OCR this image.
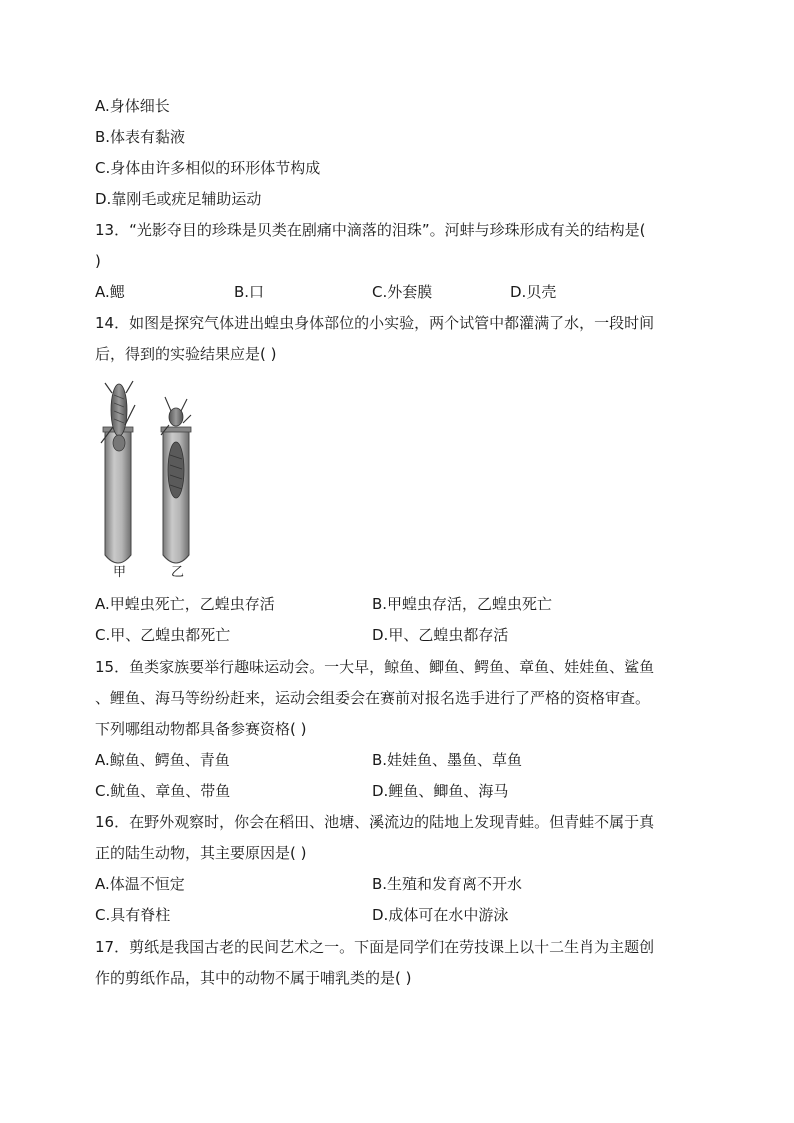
A.身体细长
B.体表有黏液
C.身体由许多相似的环形体节构成
D.靠刚毛或疣足辅助运动
13．“光影夺目的珍珠是贝类在剧痛中滴落的泪珠”。河蚌与珍珠形成有关的结构是(
)
A.鳃	B.口	C.外套膜	D.贝壳
14．如图是探究气体进出蝗虫身体部位的小实验，两个试管中都灌满了水，一段时间
后，得到的实验结果应是( )
甲	乙
A.甲蝗虫死亡，乙蝗虫存活	B.甲蝗虫存活，乙蝗虫死亡
C.甲、乙蝗虫都死亡	D.甲、乙蝗虫都存活
15．鱼类家族要举行趣味运动会。一大早，鲸鱼、鲫鱼、鳄鱼、章鱼、娃娃鱼、鲨鱼
、鲤鱼、海马等纷纷赶来，运动会组委会在赛前对报名选手进行了严格的资格审查。
下列哪组动物都具备参赛资格( )
A.鲸鱼、鳄鱼、青鱼	B.娃娃鱼、墨鱼、草鱼
C.鱿鱼、章鱼、带鱼	D.鲤鱼、鲫鱼、海马
16．在野外观察时，你会在稻田、池塘、溪流边的陆地上发现青蛙。但青蛙不属于真
正的陆生动物，其主要原因是( )
A.体温不恒定	B.生殖和发育离不开水
C.具有脊柱	D.成体可在水中游泳
17．剪纸是我国古老的民间艺术之一。下面是同学们在劳技课上以十二生肖为主题创
作的剪纸作品，其中的动物不属于哺乳类的是( )
